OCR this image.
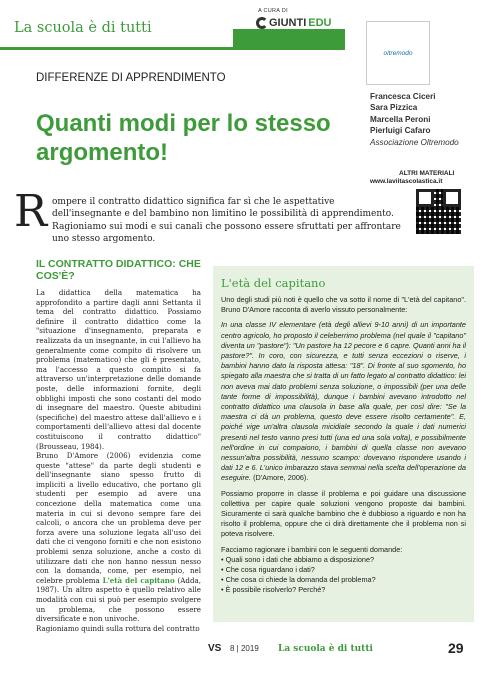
La scuola è di tutti
A CURA DI
GIUNTI EDU
oltremodo
DIFFERENZE DI APPRENDIMENTO
Quanti modi per lo stesso argomento!
Francesca Ciceri
Sara Pizzica
Marcella Peroni
Pierluigi Cafaro
Associazione Oltremodo
ALTRI MATERIALI
www.laviitascolastica.it
R ompere il contratto didattico significa far sì che le aspettative dell'insegnante e del bambino non limitino le possibilità di apprendimento. Ragioniamo sui modi e sui canali che possono essere sfruttati per affrontare uno stesso argomento.
IL CONTRATTO DIDATTICO: CHE COS'È?

La didattica della matematica ha approfondito a partire dagli anni Settanta il tema del contratto didattico. Possiamo definire il contratto didattico come la "situazione d'insegnamento, preparata e realizzata da un insegnante, in cui l'allievo ha generalmente come compito di risolvere un problema (matematico) che gli è presentato, ma l'accesso a questo compito si fa attraverso un'interpretazione delle domande poste, delle informazioni fornite, degli obblighi imposti che sono costanti del modo di insegnare del maestro. Queste abitudini (specifiche) del maestro attese dall'allievo e i comportamenti dell'allievo attesi dal docente costituiscono il contratto didattico" (Brousseau, 1984).

Bruno D'Amore (2006) evidenzia come queste "attese" da parte degli studenti e dell'insegnante siano spesso frutto di impliciti a livello educativo, che portano gli studenti per esempio ad avere una concezione della matematica come una materia in cui si devono sempre fare dei calcoli, o ancora che un problema deve per forza avere una soluzione legata all'uso dei dati che ci vengono forniti e che non esistono problemi senza soluzione, anche a costo di utilizzare dati che non hanno nessun nesso con la domanda, come, per esempio, nel celebre problema L'età del capitano (Adda, 1987). Un altro aspetto è quello relativo alle modalità con cui si può per esempio svolgere un problema, che possono essere diversificate e non univoche.

Ragioniamo quindi sulla rottura del contratto

L'età del capitano

Uno degli studi più noti è quello che va sotto il nome di "L'età del capitano". Bruno D'Amore racconta di averlo vissuto personalmente:

In una classe IV elementare (età degli allievi 9-10 anni) di un importante centro agricolo, ho proposto il celeberrimo problema (nel quale il "capitano" diventa un "pastore"): "Un pastore ha 12 pecore e 6 capre. Quanti anni ha il pastore?". In coro, con sicurezza, e tutti senza eccezioni o riserve, i bambini hanno dato la risposta attesa: "18". Di fronte al suo sgomento, ho spiegato alla maestra che si tratta di un fatto legato al contratto didattico: lei non aveva mai dato problemi senza soluzione, o impossibili (per una delle tante forme di impossibilità), dunque i bambini avevano introdotto nel contratto didattico una clausola in base alla quale, per così dire: "Se la maestra ci dà un problema, questo deve essere risolto certamente". E, poiché vige un'altra clausola micidiale secondo la quale i dati numerici presenti nel testo vanno presi tutti (una ed una sola volta), e possibilmente nell'ordine in cui compaiono, i bambini di quella classe non avevano nessun'altra possibilità, nessuno scampo: dovevano rispondere usando i dati 12 e 6. L'unico imbarazzo stava semmai nella scelta dell'operazione da eseguire. (D'Amore, 2006).

Possiamo proporre in classe il problema e poi guidare una discussione collettiva per capire quale soluzioni vengono proposte dai bambini. Sicuramente ci sarà qualche bambino che è dubbioso a riguardo e non ha risolto il problema, oppure che ci dirà direttamente che il problema non si poteva risolvere.

Facciamo ragionare i bambini con le seguenti domande:

• Quali sono i dati che abbiamo a disposizione?
• Che cosa riguardano i dati?
• Che cosa ci chiede la domanda del problema?
• È possibile risolverlo? Perché?
VS 8 | 2019 La scuola è di tutti	29
